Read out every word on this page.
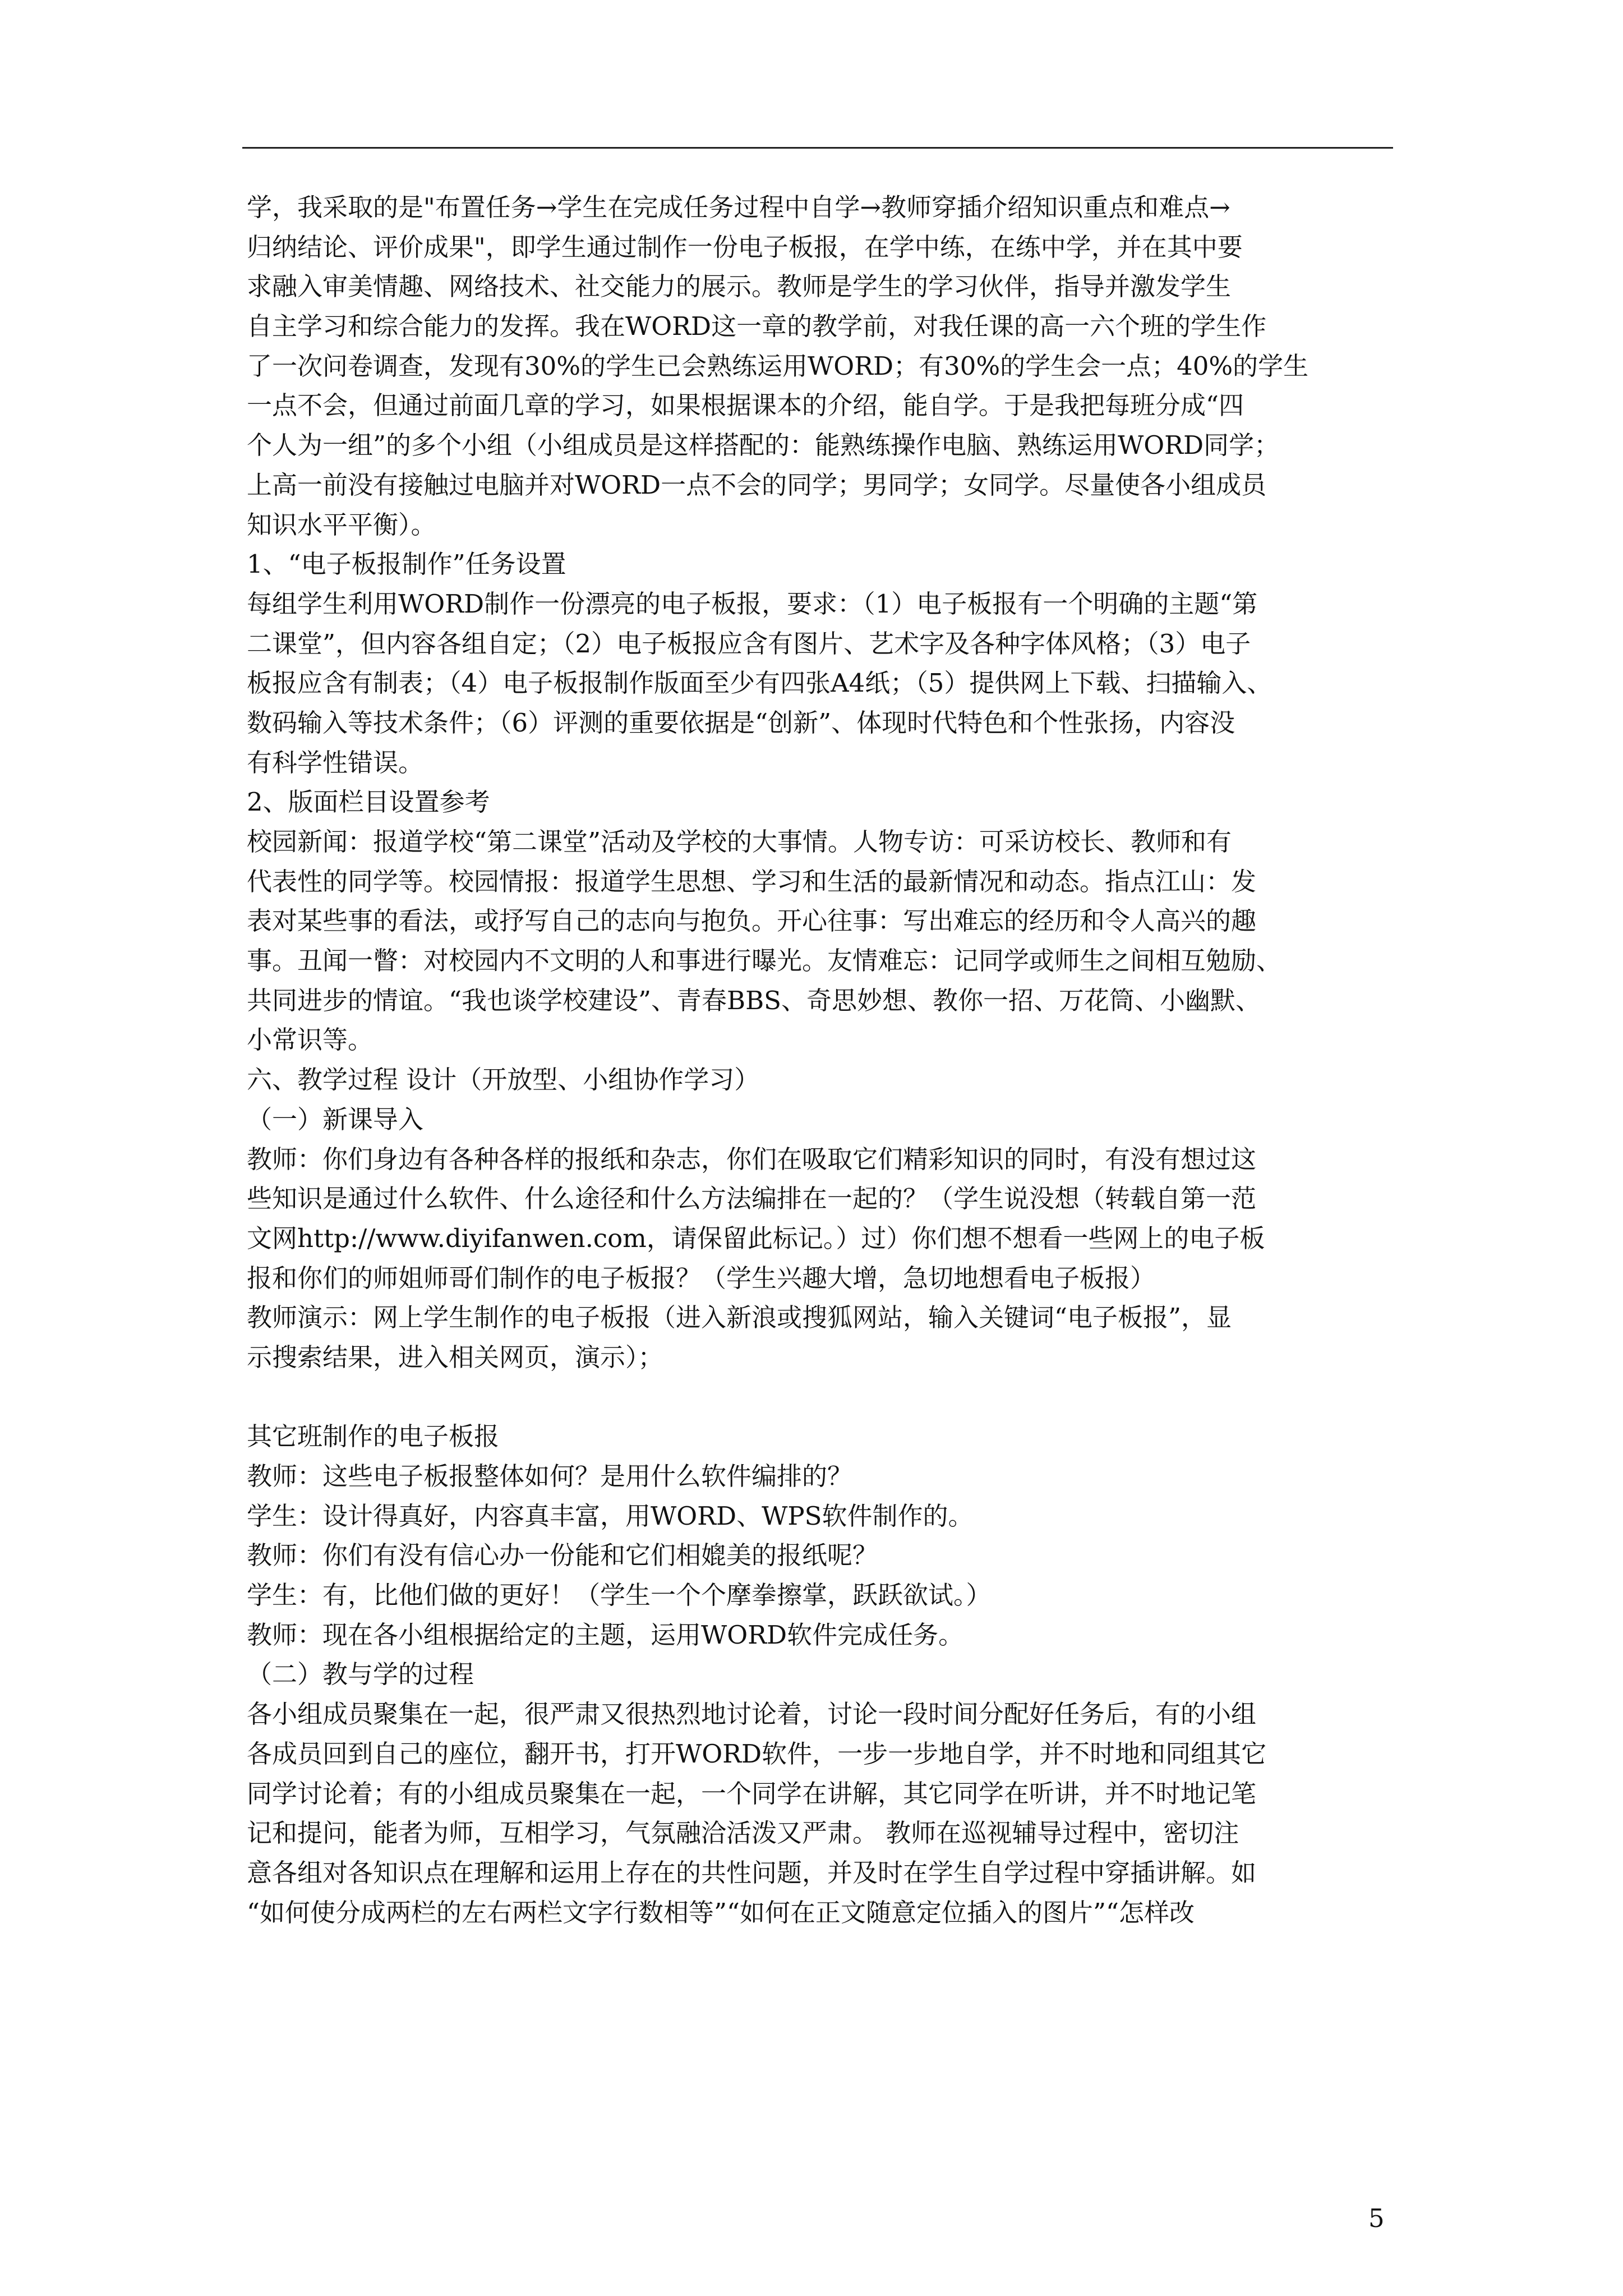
学，我采取的是"布置任务→学生在完成任务过程中自学→教师穿插介绍知识重点和难点→
归纳结论、评价成果"，即学生通过制作一份电子板报，在学中练，在练中学，并在其中要
求融入审美情趣、网络技术、社交能力的展示。教师是学生的学习伙伴，指导并激发学生
自主学习和综合能力的发挥。我在WORD这一章的教学前，对我任课的高一六个班的学生作
了一次问卷调查，发现有30%的学生已会熟练运用WORD；有30%的学生会一点；40%的学生
一点不会，但通过前面几章的学习，如果根据课本的介绍，能自学。于是我把每班分成“四
个人为一组”的多个小组（小组成员是这样搭配的：能熟练操作电脑、熟练运用WORD同学；
上高一前没有接触过电脑并对WORD一点不会的同学；男同学；女同学。尽量使各小组成员
知识水平平衡）。
1、“电子板报制作”任务设置
每组学生利用WORD制作一份漂亮的电子板报，要求：（1）电子板报有一个明确的主题“第
二课堂”，但内容各组自定；（2）电子板报应含有图片、艺术字及各种字体风格；（3）电子
板报应含有制表；（4）电子板报制作版面至少有四张A4纸；（5）提供网上下载、扫描输入、
数码输入等技术条件；（6）评测的重要依据是“创新”、体现时代特色和个性张扬，内容没
有科学性错误。
2、版面栏目设置参考
校园新闻：报道学校“第二课堂”活动及学校的大事情。人物专访：可采访校长、教师和有
代表性的同学等。校园情报：报道学生思想、学习和生活的最新情况和动态。指点江山：发
表对某些事的看法，或抒写自己的志向与抱负。开心往事：写出难忘的经历和令人高兴的趣
事。丑闻一瞥：对校园内不文明的人和事进行曝光。友情难忘：记同学或师生之间相互勉励、
共同进步的情谊。“我也谈学校建设”、青春BBS、奇思妙想、教你一招、万花筒、小幽默、
小常识等。
六、教学过程 设计（开放型、小组协作学习）
（一）新课导入
教师：你们身边有各种各样的报纸和杂志，你们在吸取它们精彩知识的同时，有没有想过这
些知识是通过什么软件、什么途径和什么方法编排在一起的？（学生说没想（转载自第一范
文网http://www.diyifanwen.com，请保留此标记。）过）你们想不想看一些网上的电子板
报和你们的师姐师哥们制作的电子板报？（学生兴趣大增，急切地想看电子板报）
教师演示：网上学生制作的电子板报（进入新浪或搜狐网站，输入关键词“电子板报”，显
示搜索结果，进入相关网页，演示）；
其它班制作的电子板报
教师：这些电子板报整体如何？是用什么软件编排的？
学生：设计得真好，内容真丰富，用WORD、WPS软件制作的。
教师：你们有没有信心办一份能和它们相媲美的报纸呢？
学生：有，比他们做的更好！（学生一个个摩拳擦掌，跃跃欲试。）
教师：现在各小组根据给定的主题，运用WORD软件完成任务。
（二）教与学的过程
各小组成员聚集在一起，很严肃又很热烈地讨论着，讨论一段时间分配好任务后，有的小组
各成员回到自己的座位，翻开书，打开WORD软件，一步一步地自学，并不时地和同组其它
同学讨论着；有的小组成员聚集在一起，一个同学在讲解，其它同学在听讲，并不时地记笔
记和提问，能者为师，互相学习，气氛融洽活泼又严肃。 教师在巡视辅导过程中，密切注
意各组对各知识点在理解和运用上存在的共性问题，并及时在学生自学过程中穿插讲解。如
“如何使分成两栏的左右两栏文字行数相等”“如何在正文随意定位插入的图片”“怎样改
5
